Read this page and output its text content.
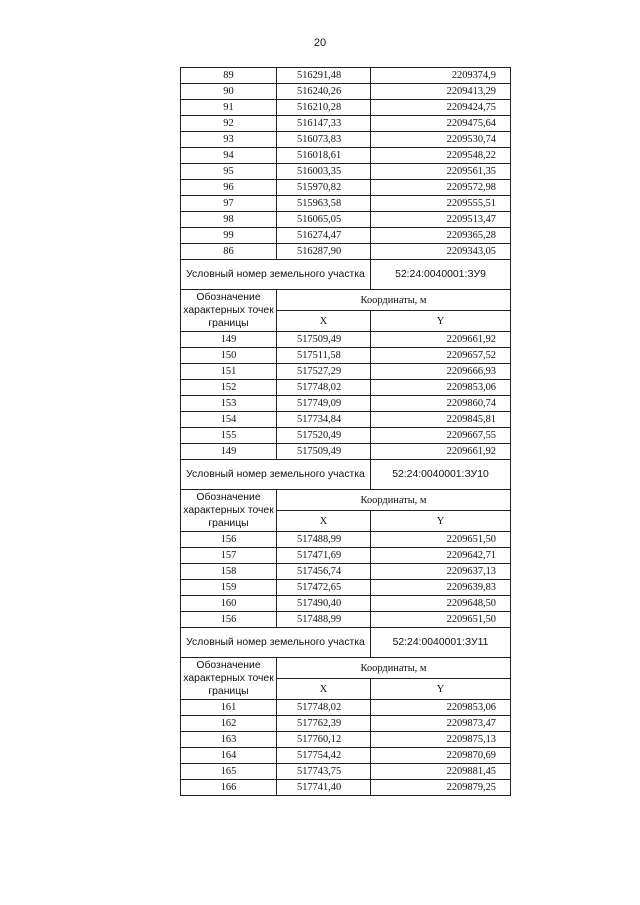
20
89	516291,48	2209374,9
90	516240,26	2209413,29
91	516210,28	2209424,75
92	516147,33	2209475,64
93	516073,83	2209530,74
94	516018,61	2209548,22
95	516003,35	2209561,35
96	515970,82	2209572,98
97	515963,58	2209555,51
98	516065,05	2209513,47
99	516274,47	2209365,28
86	516287,90	2209343,05
Условный номер земельного участка		52:24:0040001:ЗУ9
Обозначение характерных точек границы	Координаты, м	
	X	Y
149	517509,49	2209661,92
150	517511,58	2209657,52
151	517527,29	2209666,93
152	517748,02	2209853,06
153	517749,09	2209860,74
154	517734,84	2209845,81
155	517520,49	2209667,55
149	517509,49	2209661,92
Условный номер земельного участка		52:24:0040001:ЗУ10
Обозначение характерных точек границы	Координаты, м	
	X	Y
156	517488,99	2209651,50
157	517471,69	2209642,71
158	517456,74	2209637,13
159	517472,65	2209639,83
160	517490,40	2209648,50
156	517488,99	2209651,50
Условный номер земельного участка		52:24:0040001:ЗУ11
Обозначение характерных точек границы	Координаты, м	
	X	Y
161	517748,02	2209853,06
162	517762,39	2209873,47
163	517760,12	2209875,13
164	517754,42	2209870,69
165	517743,75	2209881,45
166	517741,40	2209879,25
